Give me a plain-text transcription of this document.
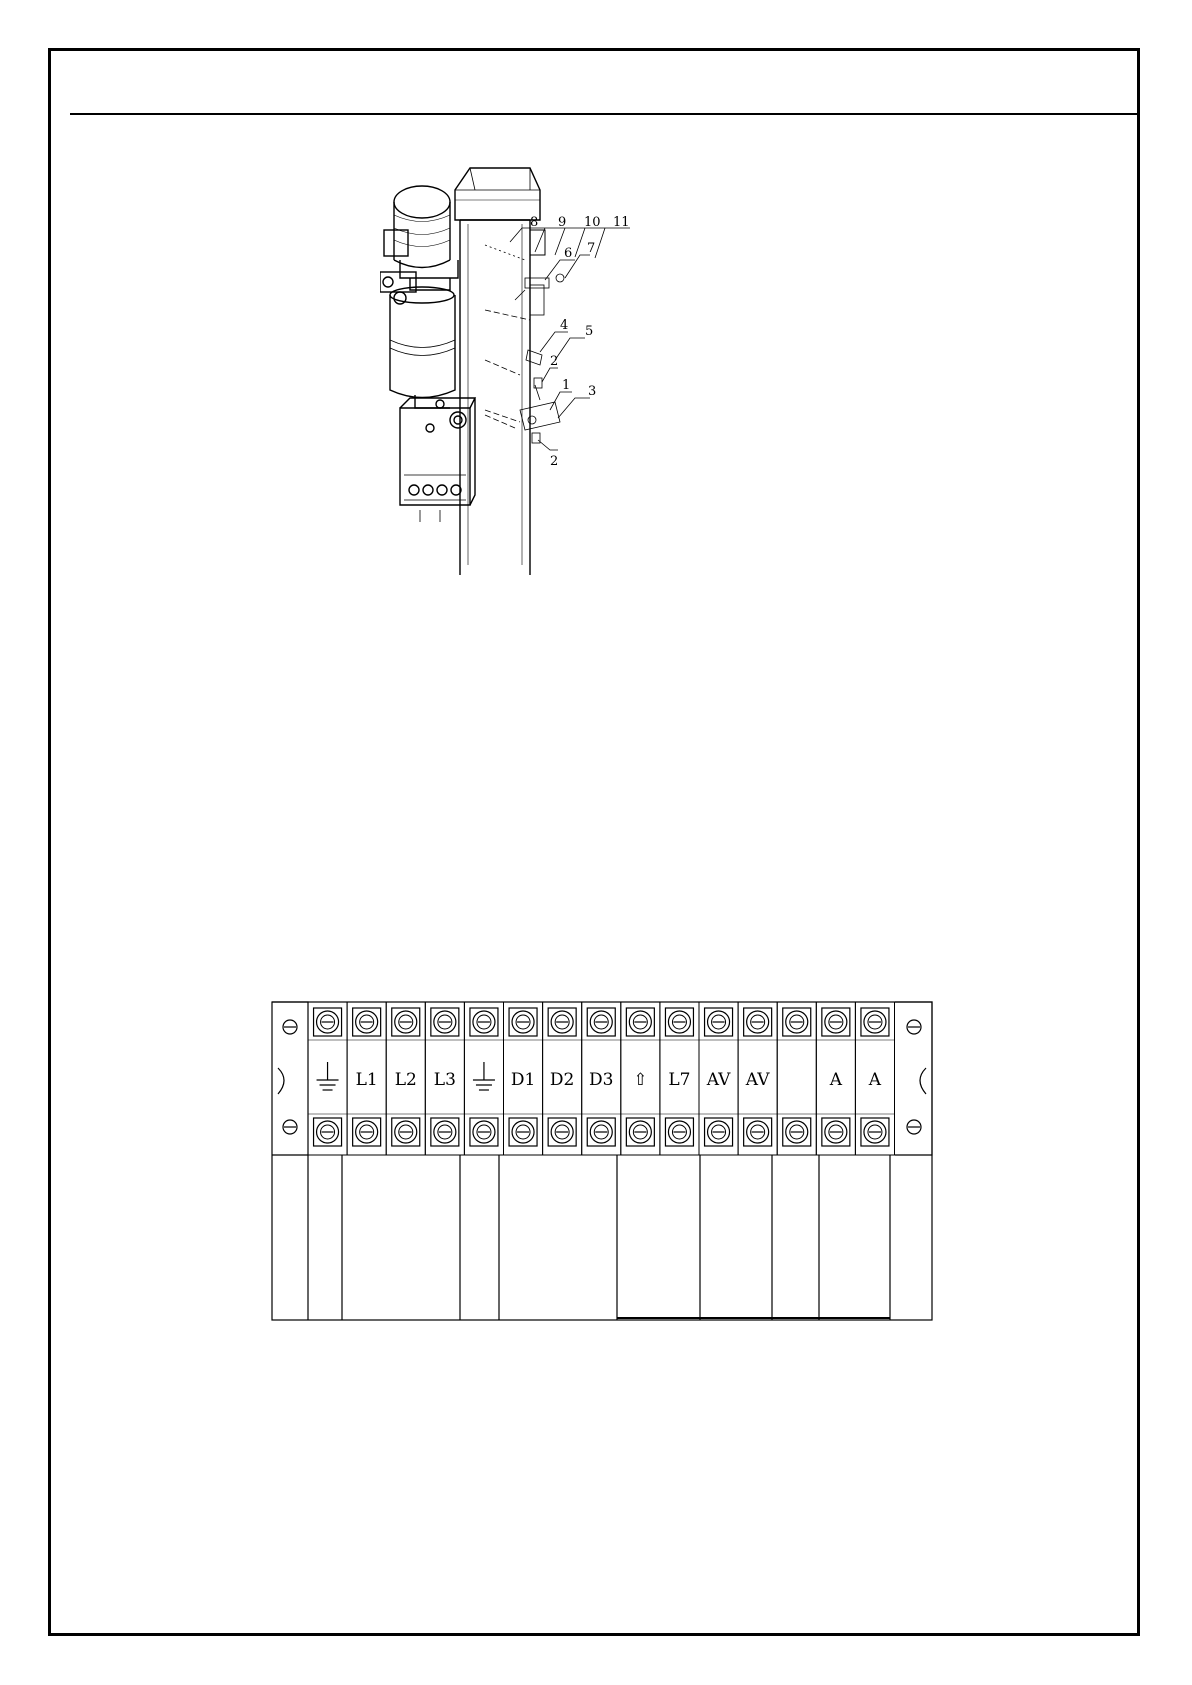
8 9 10 11
6 7
4 5
2
1 3
2
L1 L2 L3	D1 D2 D3 ⇧ L7 AV AV	A A
